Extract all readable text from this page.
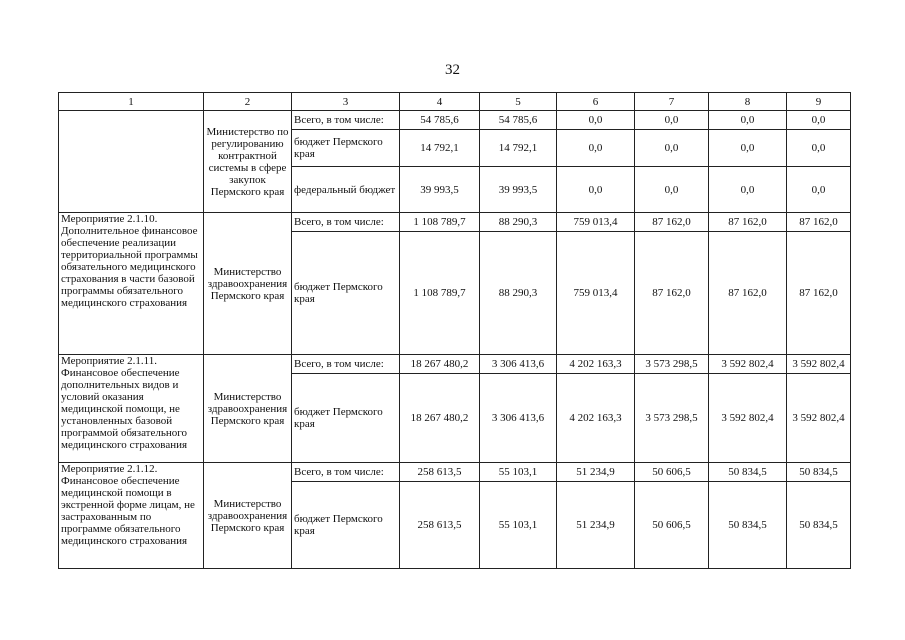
32
1	2	3	4	5	6	7	8	9
	Министерство по регулированию контрактной системы в сфере закупок Пермского края	Всего, в том числе:	54 785,6	54 785,6	0,0	0,0	0,0	0,0
		бюджет Пермского края	14 792,1	14 792,1	0,0	0,0	0,0	0,0
		федеральный бюджет	39 993,5	39 993,5	0,0	0,0	0,0	0,0
Мероприятие 2.1.10. Дополнительное финансовое обеспечение реализации территориальной программы обязательного медицинского страхования в части базовой программы обязательного медицинского страхования	Министерство здравоохранения Пермского края	Всего, в том числе:	1 108 789,7	88 290,3	759 013,4	87 162,0	87 162,0	87 162,0
		бюджет Пермского края	1 108 789,7	88 290,3	759 013,4	87 162,0	87 162,0	87 162,0
Мероприятие 2.1.11. Финансовое обеспечение дополнительных видов и условий оказания медицинской помощи, не установленных базовой программой обязательного медицинского страхования	Министерство здравоохранения Пермского края	Всего, в том числе:	18 267 480,2	3 306 413,6	4 202 163,3	3 573 298,5	3 592 802,4	3 592 802,4
		бюджет Пермского края	18 267 480,2	3 306 413,6	4 202 163,3	3 573 298,5	3 592 802,4	3 592 802,4
Мероприятие 2.1.12. Финансовое обеспечение медицинской помощи в экстренной форме лицам, не застрахованным по программе обязательного медицинского страхования	Министерство здравоохранения Пермского края	Всего, в том числе:	258 613,5	55 103,1	51 234,9	50 606,5	50 834,5	50 834,5
		бюджет Пермского края	258 613,5	55 103,1	51 234,9	50 606,5	50 834,5	50 834,5
